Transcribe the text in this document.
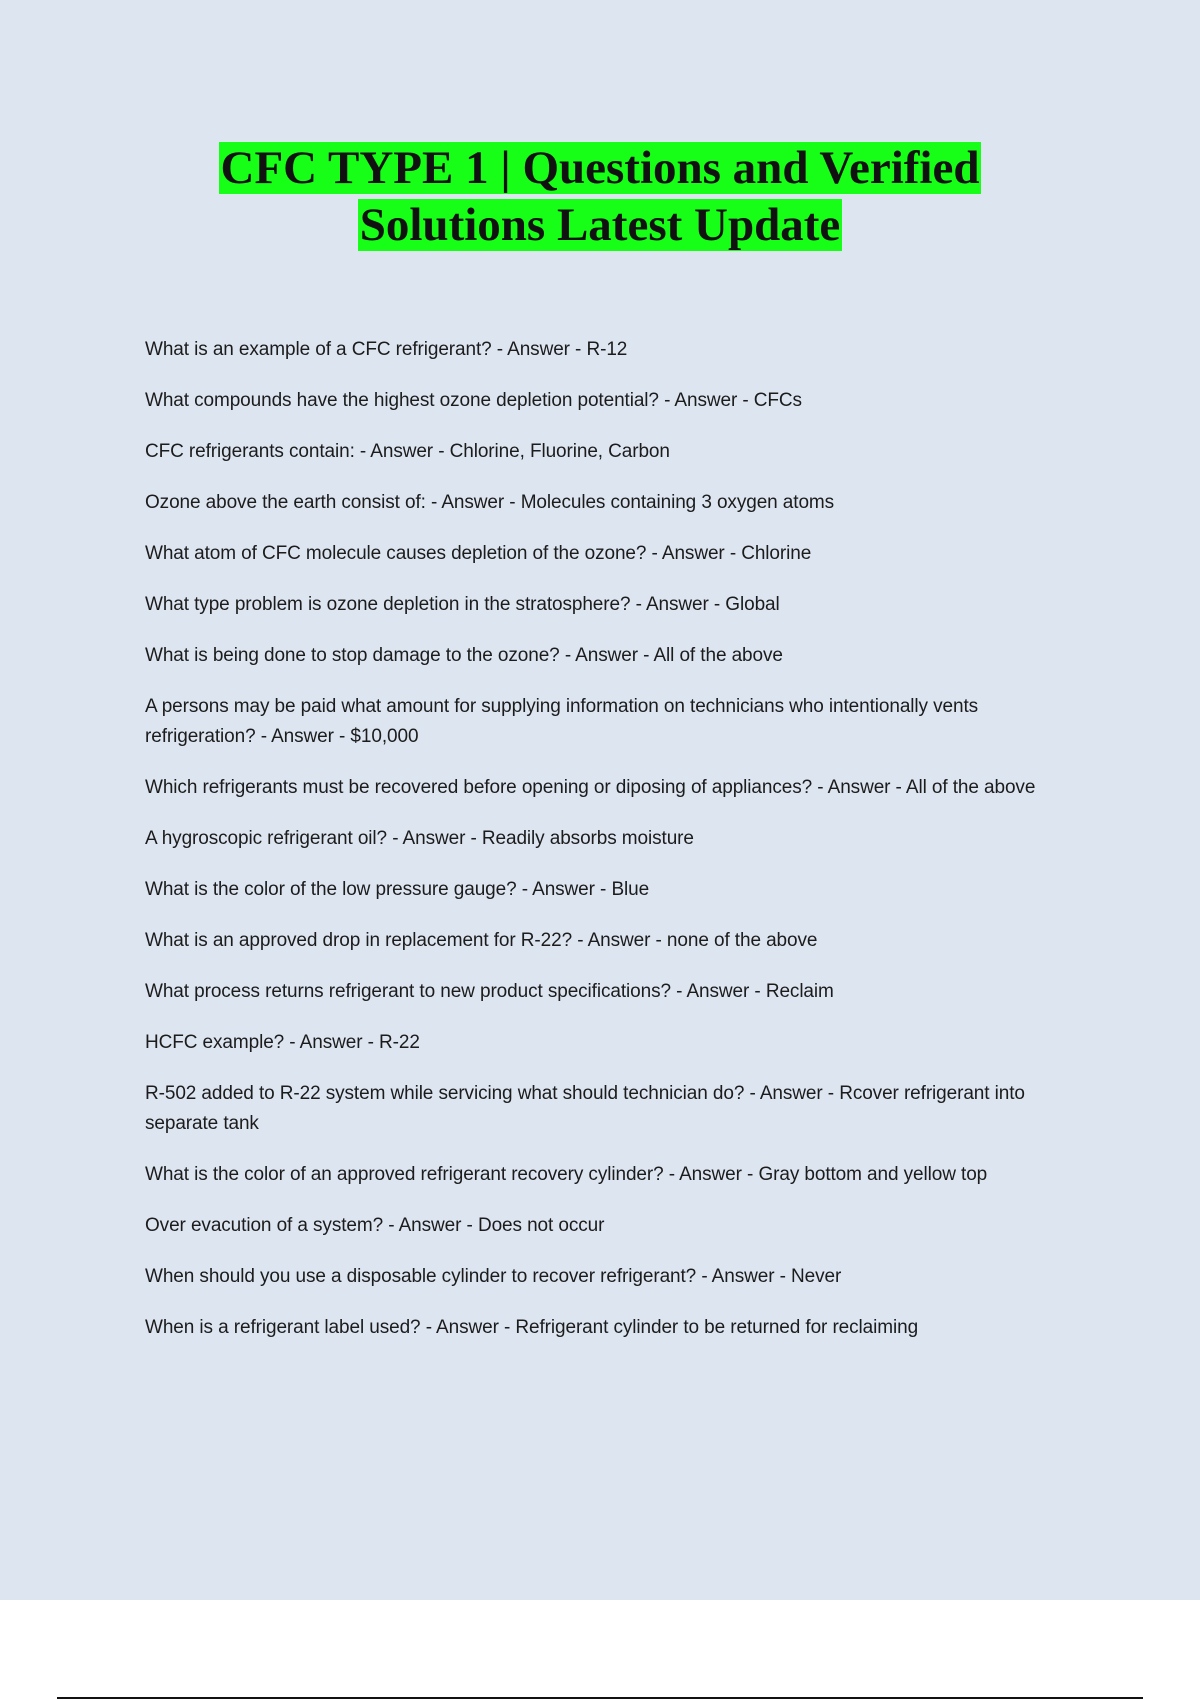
CFC TYPE 1 | Questions and Verified
Solutions Latest Update
What is an example of a CFC refrigerant? - Answer - R-12
What compounds have the highest ozone depletion potential? - Answer - CFCs
CFC refrigerants contain: - Answer - Chlorine, Fluorine, Carbon
Ozone above the earth consist of: - Answer - Molecules containing 3 oxygen atoms
What atom of CFC molecule causes depletion of the ozone? - Answer - Chlorine
What type problem is ozone depletion in the stratosphere? - Answer - Global
What is being done to stop damage to the ozone? - Answer - All of the above
A persons may be paid what amount for supplying information on technicians who intentionally vents refrigeration? - Answer - $10,000
Which refrigerants must be recovered before opening or diposing of appliances? - Answer - All of the above
A hygroscopic refrigerant oil? - Answer - Readily absorbs moisture
What is the color of the low pressure gauge? - Answer - Blue
What is an approved drop in replacement for R-22? - Answer - none of the above
What process returns refrigerant to new product specifications? - Answer - Reclaim
HCFC example? - Answer - R-22
R-502 added to R-22 system while servicing what should technician do? - Answer - Rcover refrigerant into separate tank
What is the color of an approved refrigerant recovery cylinder? - Answer - Gray bottom and yellow top
Over evacution of a system? - Answer - Does not occur
When should you use a disposable cylinder to recover refrigerant? - Answer - Never
When is a refrigerant label used? - Answer - Refrigerant cylinder to be returned for reclaiming
